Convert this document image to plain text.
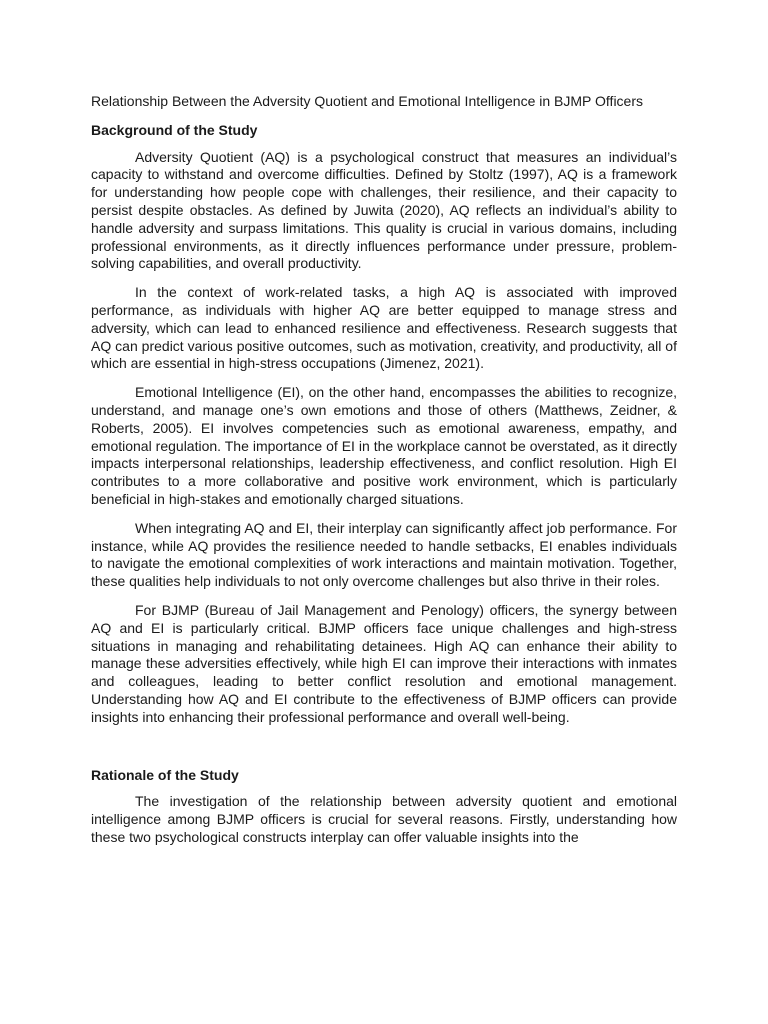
Relationship Between the Adversity Quotient and Emotional Intelligence in BJMP Officers

Background of the Study

Adversity Quotient (AQ) is a psychological construct that measures an individual’s capacity to withstand and overcome difficulties. Defined by Stoltz (1997), AQ is a framework for understanding how people cope with challenges, their resilience, and their capacity to persist despite obstacles. As defined by Juwita (2020), AQ reflects an individual’s ability to handle adversity and surpass limitations. This quality is crucial in various domains, including professional environments, as it directly influences performance under pressure, problem-solving capabilities, and overall productivity.

In the context of work-related tasks, a high AQ is associated with improved performance, as individuals with higher AQ are better equipped to manage stress and adversity, which can lead to enhanced resilience and effectiveness. Research suggests that AQ can predict various positive outcomes, such as motivation, creativity, and productivity, all of which are essential in high-stress occupations (Jimenez, 2021).

Emotional Intelligence (EI), on the other hand, encompasses the abilities to recognize, understand, and manage one’s own emotions and those of others (Matthews, Zeidner, & Roberts, 2005). EI involves competencies such as emotional awareness, empathy, and emotional regulation. The importance of EI in the workplace cannot be overstated, as it directly impacts interpersonal relationships, leadership effectiveness, and conflict resolution. High EI contributes to a more collaborative and positive work environment, which is particularly beneficial in high-stakes and emotionally charged situations.

When integrating AQ and EI, their interplay can significantly affect job performance. For instance, while AQ provides the resilience needed to handle setbacks, EI enables individuals to navigate the emotional complexities of work interactions and maintain motivation. Together, these qualities help individuals to not only overcome challenges but also thrive in their roles.

For BJMP (Bureau of Jail Management and Penology) officers, the synergy between AQ and EI is particularly critical. BJMP officers face unique challenges and high-stress situations in managing and rehabilitating detainees. High AQ can enhance their ability to manage these adversities effectively, while high EI can improve their interactions with inmates and colleagues, leading to better conflict resolution and emotional management. Understanding how AQ and EI contribute to the effectiveness of BJMP officers can provide insights into enhancing their professional performance and overall well-being.

Rationale of the Study

The investigation of the relationship between adversity quotient and emotional intelligence among BJMP officers is crucial for several reasons. Firstly, understanding how these two psychological constructs interplay can offer valuable insights into the
